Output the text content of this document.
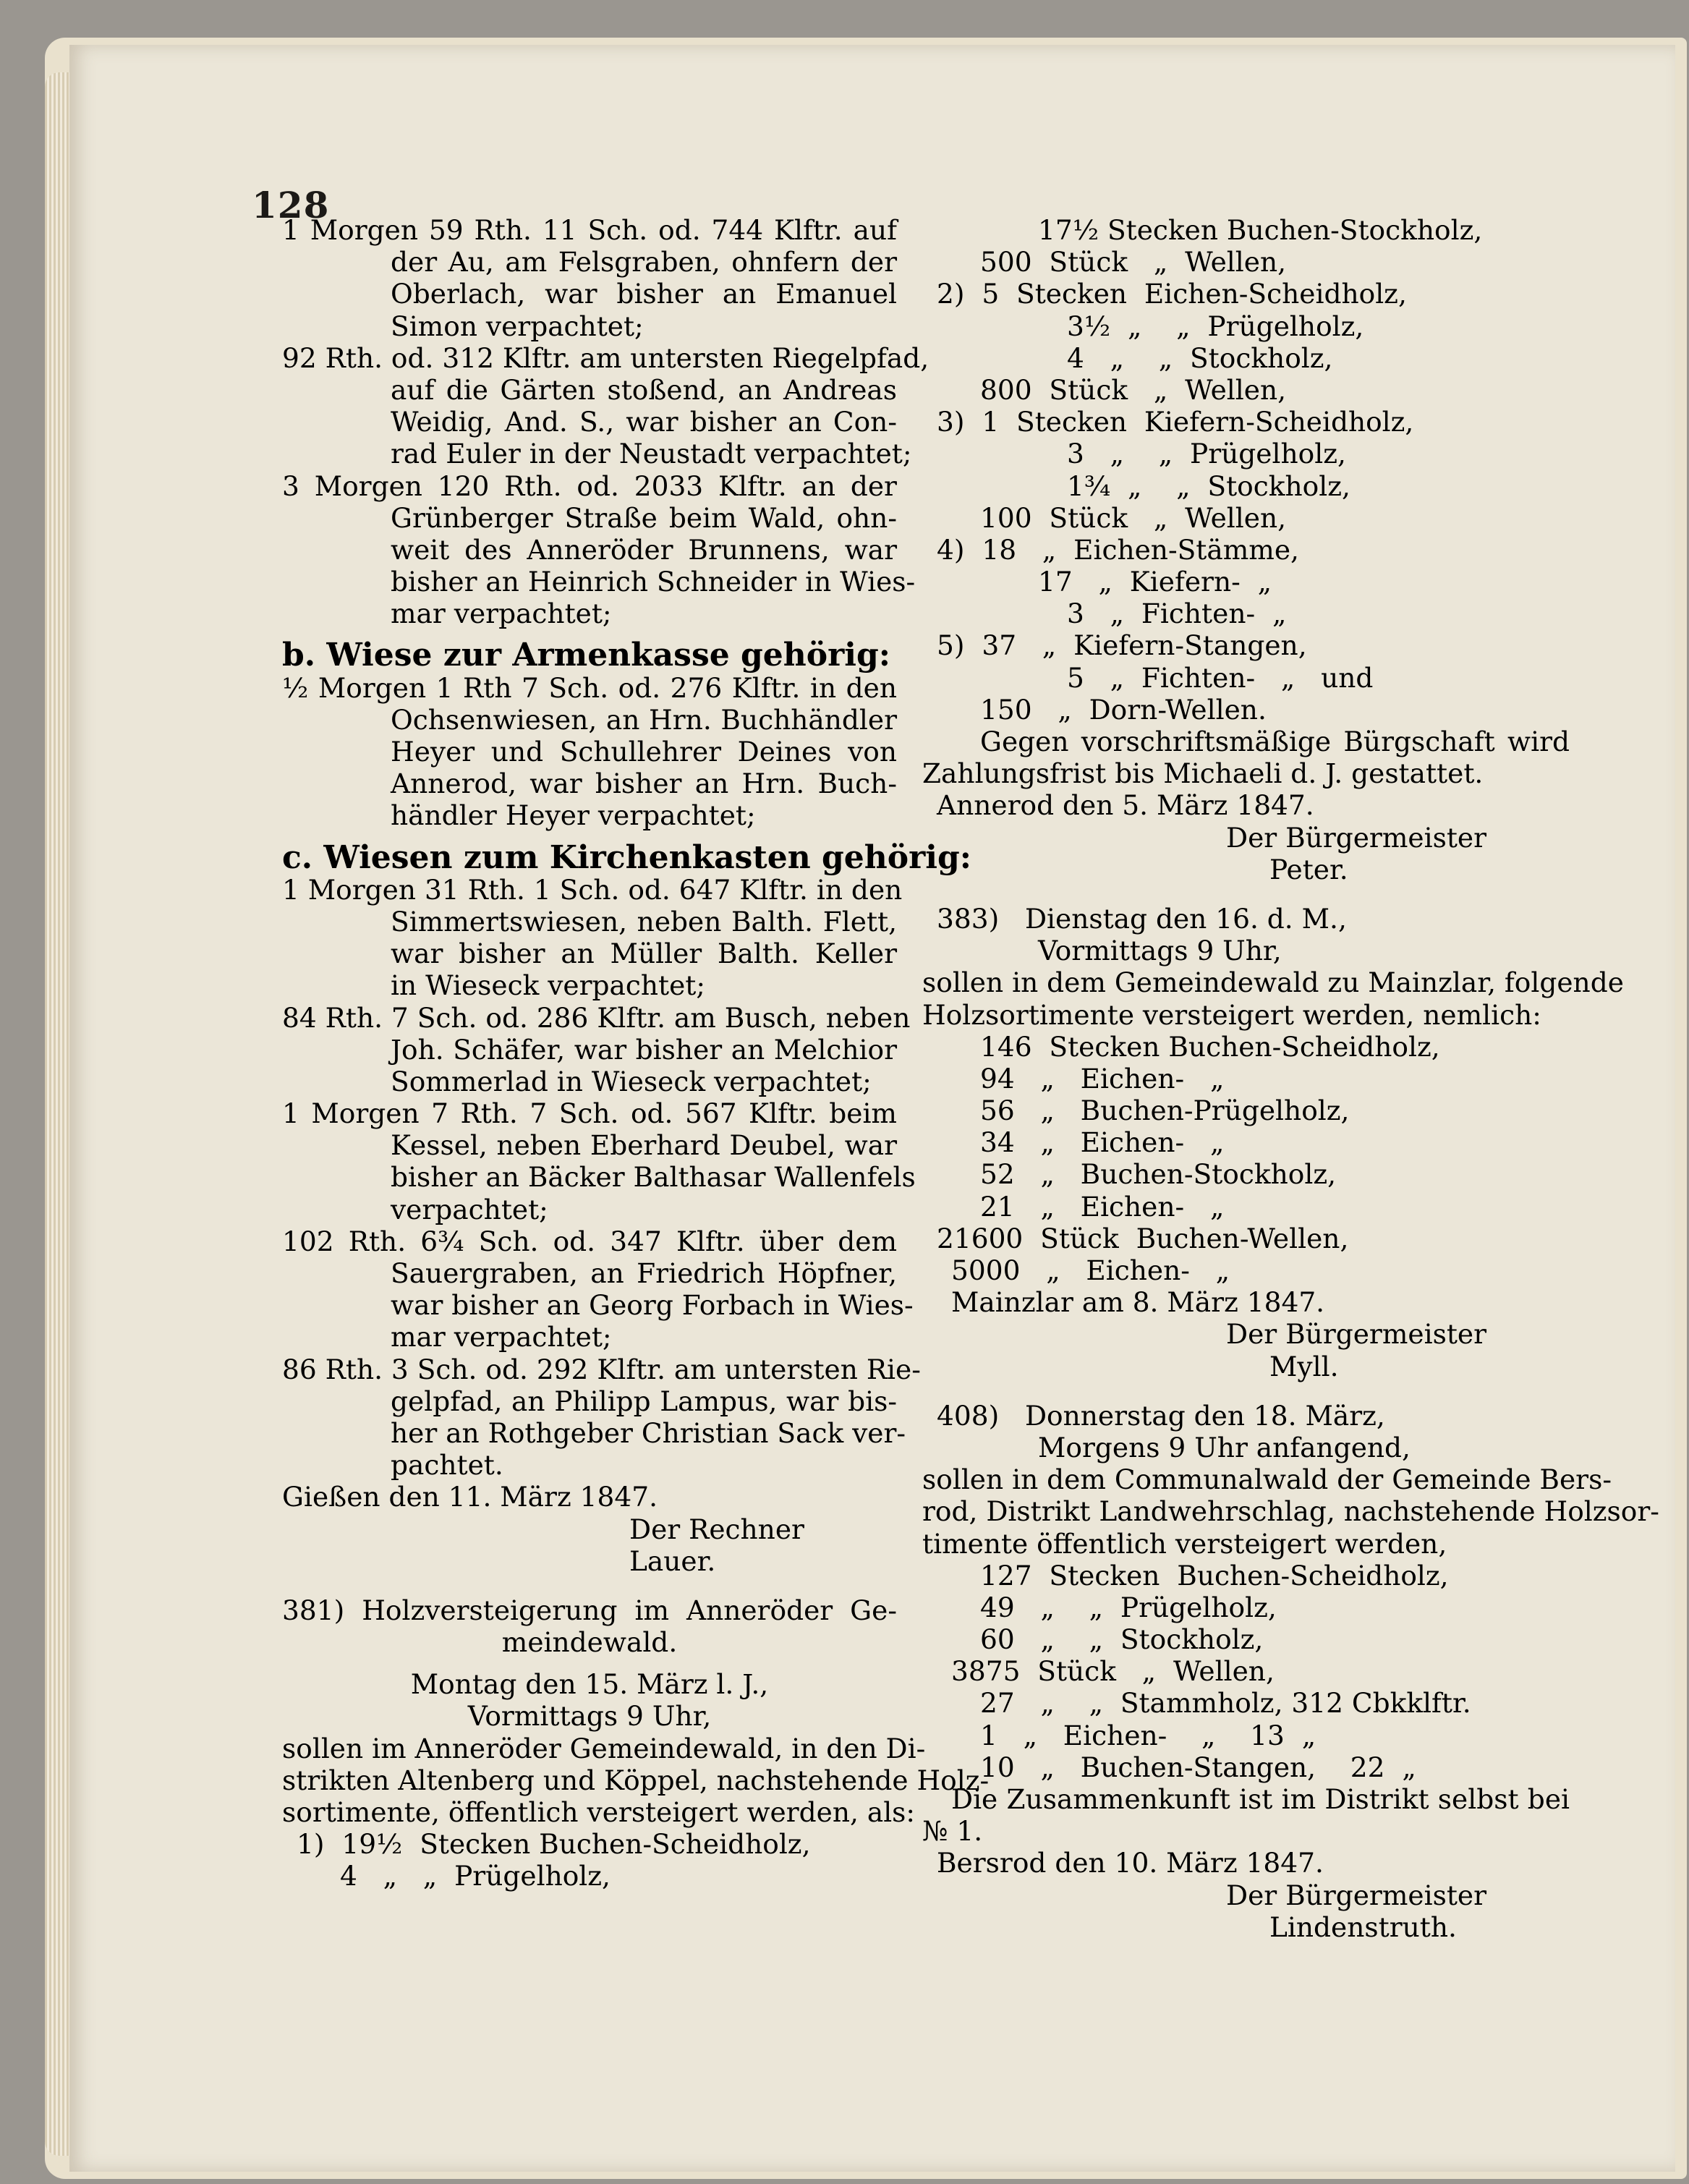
128
1 Morgen 59 Rth. 11 Sch. od. 744 Klftr. auf
der Au, am Felsgraben, ohnfern der
Oberlach, war bisher an Emanuel
Simon verpachtet;
92 Rth. od. 312 Klftr. am untersten Riegelpfad,
auf die Gärten stoßend, an Andreas
Weidig, And. S., war bisher an Con-
rad Euler in der Neustadt verpachtet;
3 Morgen 120 Rth. od. 2033 Klftr. an der
Grünberger Straße beim Wald, ohn-
weit des Anneröder Brunnens, war
bisher an Heinrich Schneider in Wies-
mar verpachtet;
b. Wiese zur Armenkasse gehörig:
½ Morgen 1 Rth 7 Sch. od. 276 Klftr. in den
Ochsenwiesen, an Hrn. Buchhändler
Heyer und Schullehrer Deines von
Annerod, war bisher an Hrn. Buch-
händler Heyer verpachtet;
c. Wiesen zum Kirchenkasten gehörig:
1 Morgen 31 Rth. 1 Sch. od. 647 Klftr. in den
Simmertswiesen, neben Balth. Flett,
war bisher an Müller Balth. Keller
in Wieseck verpachtet;
84 Rth. 7 Sch. od. 286 Klftr. am Busch, neben
Joh. Schäfer, war bisher an Melchior
Sommerlad in Wieseck verpachtet;
1 Morgen 7 Rth. 7 Sch. od. 567 Klftr. beim
Kessel, neben Eberhard Deubel, war
bisher an Bäcker Balthasar Wallenfels
verpachtet;
102 Rth. 6¾ Sch. od. 347 Klftr. über dem
Sauergraben, an Friedrich Höpfner,
war bisher an Georg Forbach in Wies-
mar verpachtet;
86 Rth. 3 Sch. od. 292 Klftr. am untersten Rie-
gelpfad, an Philipp Lampus, war bis-
her an Rothgeber Christian Sack ver-
pachtet.
Gießen den 11. März 1847.
Der Rechner
Lauer.
381) Holzversteigerung im Anneröder Ge-
meindewald.
Montag den 15. März l. J.,
Vormittags 9 Uhr,
sollen im Anneröder Gemeindewald, in den Di-
strikten Altenberg und Köppel, nachstehende Holz-
sortimente, öffentlich versteigert werden, als:
1)  19½  Stecken Buchen-Scheidholz,
4   „   „  Prügelholz,
17½ Stecken Buchen-Stockholz,
500  Stück   „  Wellen,
2)  5  Stecken  Eichen-Scheidholz,
3½  „    „  Prügelholz,
4   „    „  Stockholz,
800  Stück   „  Wellen,
3)  1  Stecken  Kiefern-Scheidholz,
3   „    „  Prügelholz,
1¾  „    „  Stockholz,
100  Stück   „  Wellen,
4)  18   „  Eichen-Stämme,
17   „  Kiefern-  „
3   „  Fichten-  „
5)  37   „  Kiefern-Stangen,
5   „  Fichten-   „   und
150   „  Dorn-Wellen.
Gegen vorschriftsmäßige Bürgschaft wird
Zahlungsfrist bis Michaeli d. J. gestattet.
Annerod den 5. März 1847.
Der Bürgermeister
Peter.
383)   Dienstag den 16. d. M.,
Vormittags 9 Uhr,
sollen in dem Gemeindewald zu Mainzlar, folgende
Holzsortimente versteigert werden, nemlich:
146  Stecken Buchen-Scheidholz,
94   „   Eichen-   „
56   „   Buchen-Prügelholz,
34   „   Eichen-   „
52   „   Buchen-Stockholz,
21   „   Eichen-   „
21600  Stück  Buchen-Wellen,
5000   „   Eichen-   „
Mainzlar am 8. März 1847.
Der Bürgermeister
Myll.
408)   Donnerstag den 18. März,
Morgens 9 Uhr anfangend,
sollen in dem Communalwald der Gemeinde Bers-
rod, Distrikt Landwehrschlag, nachstehende Holzsor-
timente öffentlich versteigert werden,
127  Stecken  Buchen-Scheidholz,
49   „    „  Prügelholz,
60   „    „  Stockholz,
3875  Stück   „  Wellen,
27   „    „  Stammholz, 312 Cbkklftr.
1   „   Eichen-    „    13  „
10   „   Buchen-Stangen,    22  „
Die Zusammenkunft ist im Distrikt selbst bei
№ 1.
Bersrod den 10. März 1847.
Der Bürgermeister
Lindenstruth.
